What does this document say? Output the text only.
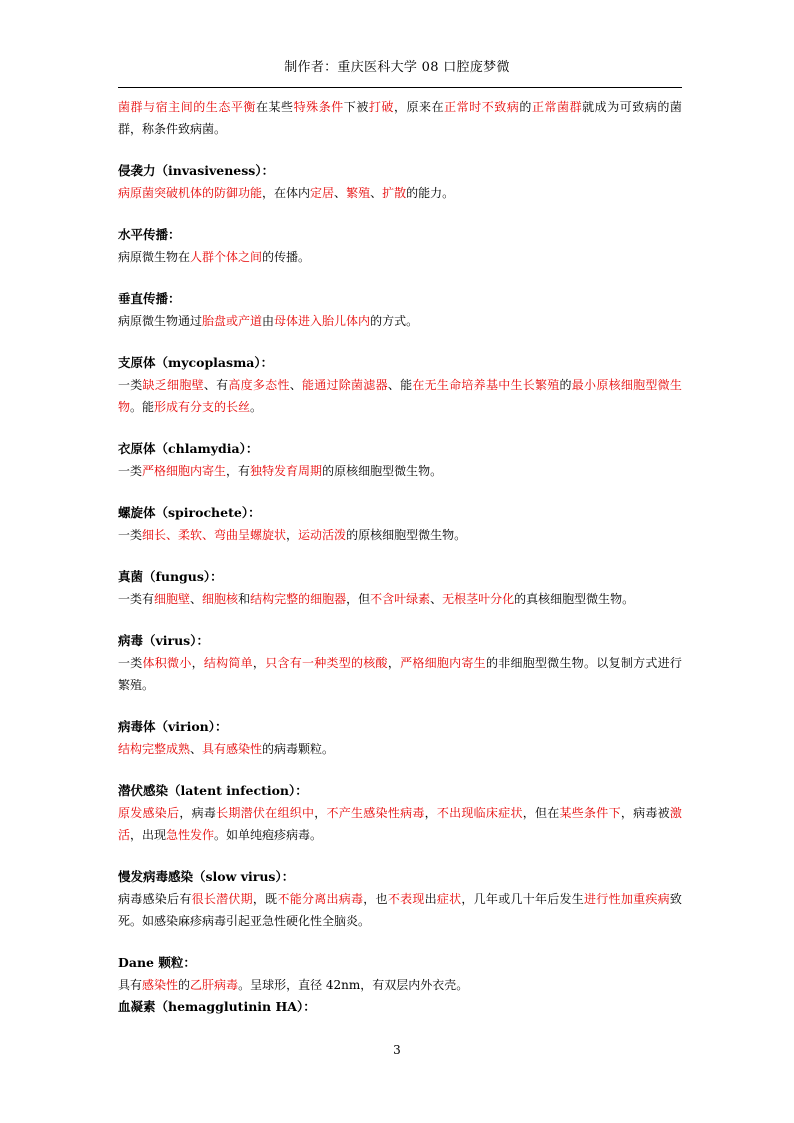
制作者：重庆医科大学 08 口腔庞梦微
菌群与宿主间的生态平衡在某些特殊条件下被打破，原来在正常时不致病的正常菌群就成为可致病的菌群，称条件致病菌。
侵袭力（invasiveness）：
病原菌突破机体的防御功能，在体内定居、繁殖、扩散的能力。
水平传播：
病原微生物在人群个体之间的传播。
垂直传播：
病原微生物通过胎盘或产道由母体进入胎儿体内的方式。
支原体（mycoplasma）：
一类缺乏细胞壁、有高度多态性、能通过除菌滤器、能在无生命培养基中生长繁殖的最小原核细胞型微生物。能形成有分支的长丝。
衣原体（chlamydia）：
一类严格细胞内寄生，有独特发育周期的原核细胞型微生物。
螺旋体（spirochete）：
一类细长、柔软、弯曲呈螺旋状，运动活泼的原核细胞型微生物。
真菌（fungus）：
一类有细胞壁、细胞核和结构完整的细胞器，但不含叶绿素、无根茎叶分化的真核细胞型微生物。
病毒（virus）：
一类体积微小，结构简单，只含有一种类型的核酸，严格细胞内寄生的非细胞型微生物。以复制方式进行繁殖。
病毒体（virion）：
结构完整成熟、具有感染性的病毒颗粒。
潜伏感染（latent infection）：
原发感染后，病毒长期潜伏在组织中，不产生感染性病毒，不出现临床症状，但在某些条件下，病毒被激活，出现急性发作。如单纯疱疹病毒。
慢发病毒感染（slow virus）：
病毒感染后有很长潜伏期，既不能分离出病毒，也不表现出症状，几年或几十年后发生进行性加重疾病致死。如感染麻疹病毒引起亚急性硬化性全脑炎。
Dane 颗粒：
具有感染性的乙肝病毒。呈球形，直径 42nm，有双层内外衣壳。
血凝素（hemagglutinin HA）：
3
